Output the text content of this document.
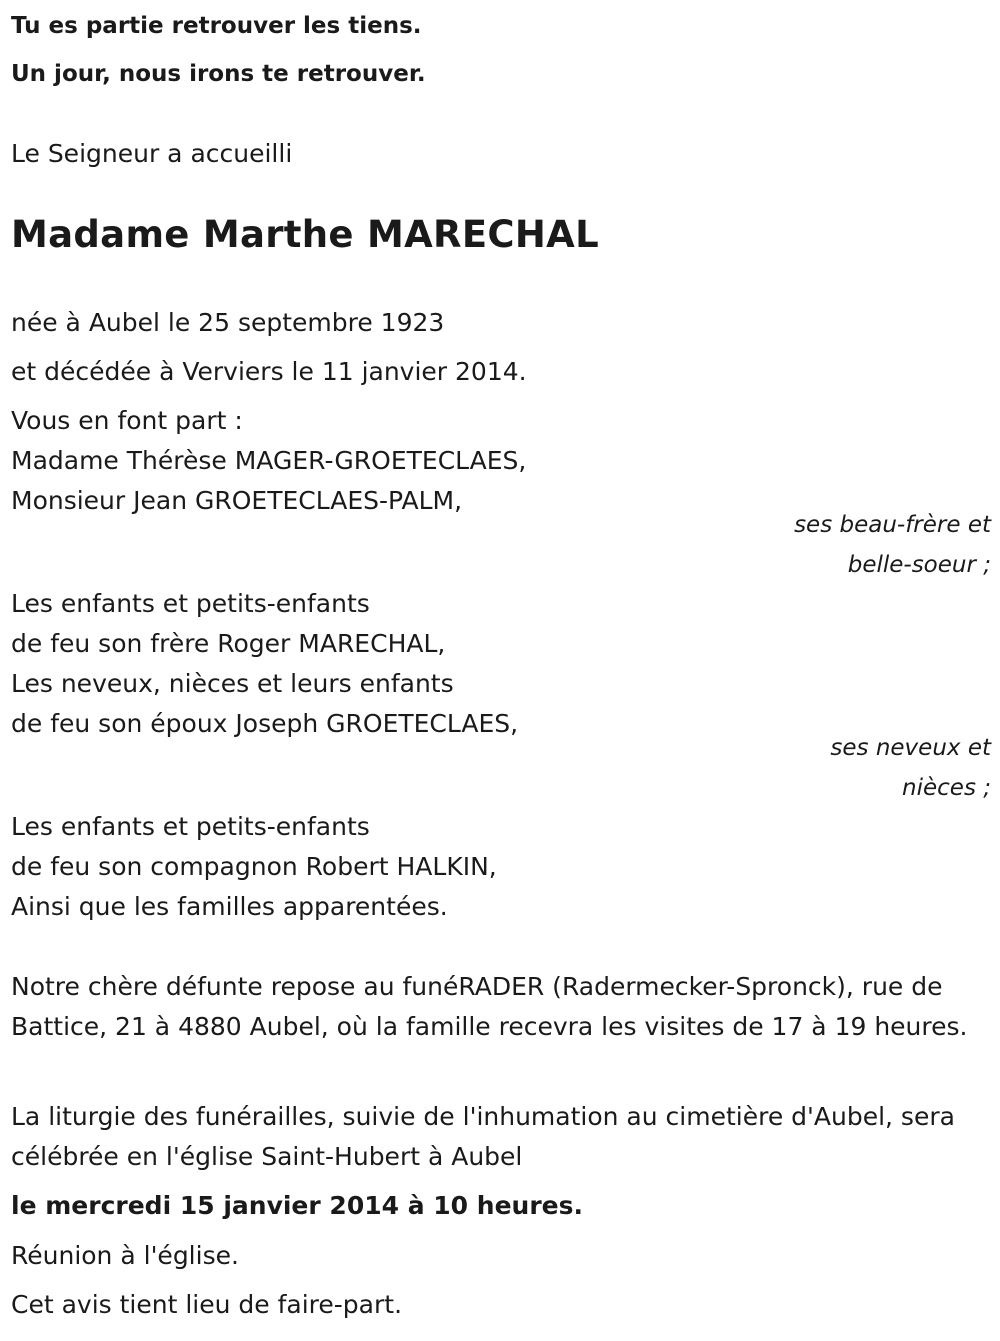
Tu es partie retrouver les tiens.
Un jour, nous irons te retrouver.
Le Seigneur a accueilli
Madame Marthe MARECHAL
née à Aubel le 25 septembre 1923
et décédée à Verviers le 11 janvier 2014.
Vous en font part :
Madame Thérèse MAGER-GROETECLAES,
Monsieur Jean GROETECLAES-PALM,
ses beau-frère et
belle-soeur ;
Les enfants et petits-enfants
de feu son frère Roger MARECHAL,
Les neveux, nièces et leurs enfants
de feu son époux Joseph GROETECLAES,
ses neveux et
nièces ;
Les enfants et petits-enfants
de feu son compagnon Robert HALKIN,
Ainsi que les familles apparentées.
Notre chère défunte repose au funéRADER (Radermecker-Spronck), rue de Battice, 21 à 4880 Aubel, où la famille recevra les visites de 17 à 19 heures.
La liturgie des funérailles, suivie de l'inhumation au cimetière d'Aubel, sera célébrée en l'église Saint-Hubert à Aubel
le mercredi 15 janvier 2014 à 10 heures.
Réunion à l'église.
Cet avis tient lieu de faire-part.
